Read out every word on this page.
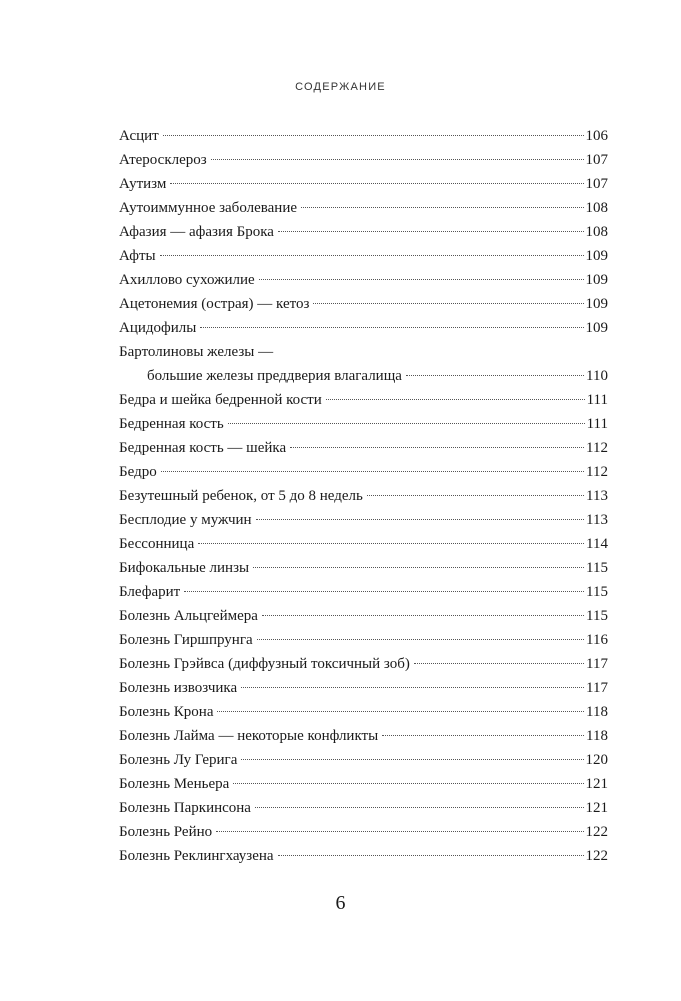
СОДЕРЖАНИЕ
Асцит	106
Атеросклероз	107
Аутизм	107
Аутоиммунное заболевание	108
Афазия — афазия Брока	108
Афты	109
Ахиллово сухожилие	109
Ацетонемия (острая) — кетоз	109
Ацидофилы	109
Бартолиновы железы —
большие железы преддверия влагалища	110
Бедра и шейка бедренной кости	111
Бедренная кость	111
Бедренная кость — шейка	112
Бедро	112
Безутешный ребенок, от 5 до 8 недель	113
Бесплодие у мужчин	113
Бессонница	114
Бифокальные линзы	115
Блефарит	115
Болезнь Альцгеймера	115
Болезнь Гиршпрунга	116
Болезнь Грэйвса (диффузный токсичный зоб)	117
Болезнь извозчика	117
Болезнь Крона	118
Болезнь Лайма — некоторые конфликты	118
Болезнь Лу Герига	120
Болезнь Меньера	121
Болезнь Паркинсона	121
Болезнь Рейно	122
Болезнь Реклингхаузена	122
6
